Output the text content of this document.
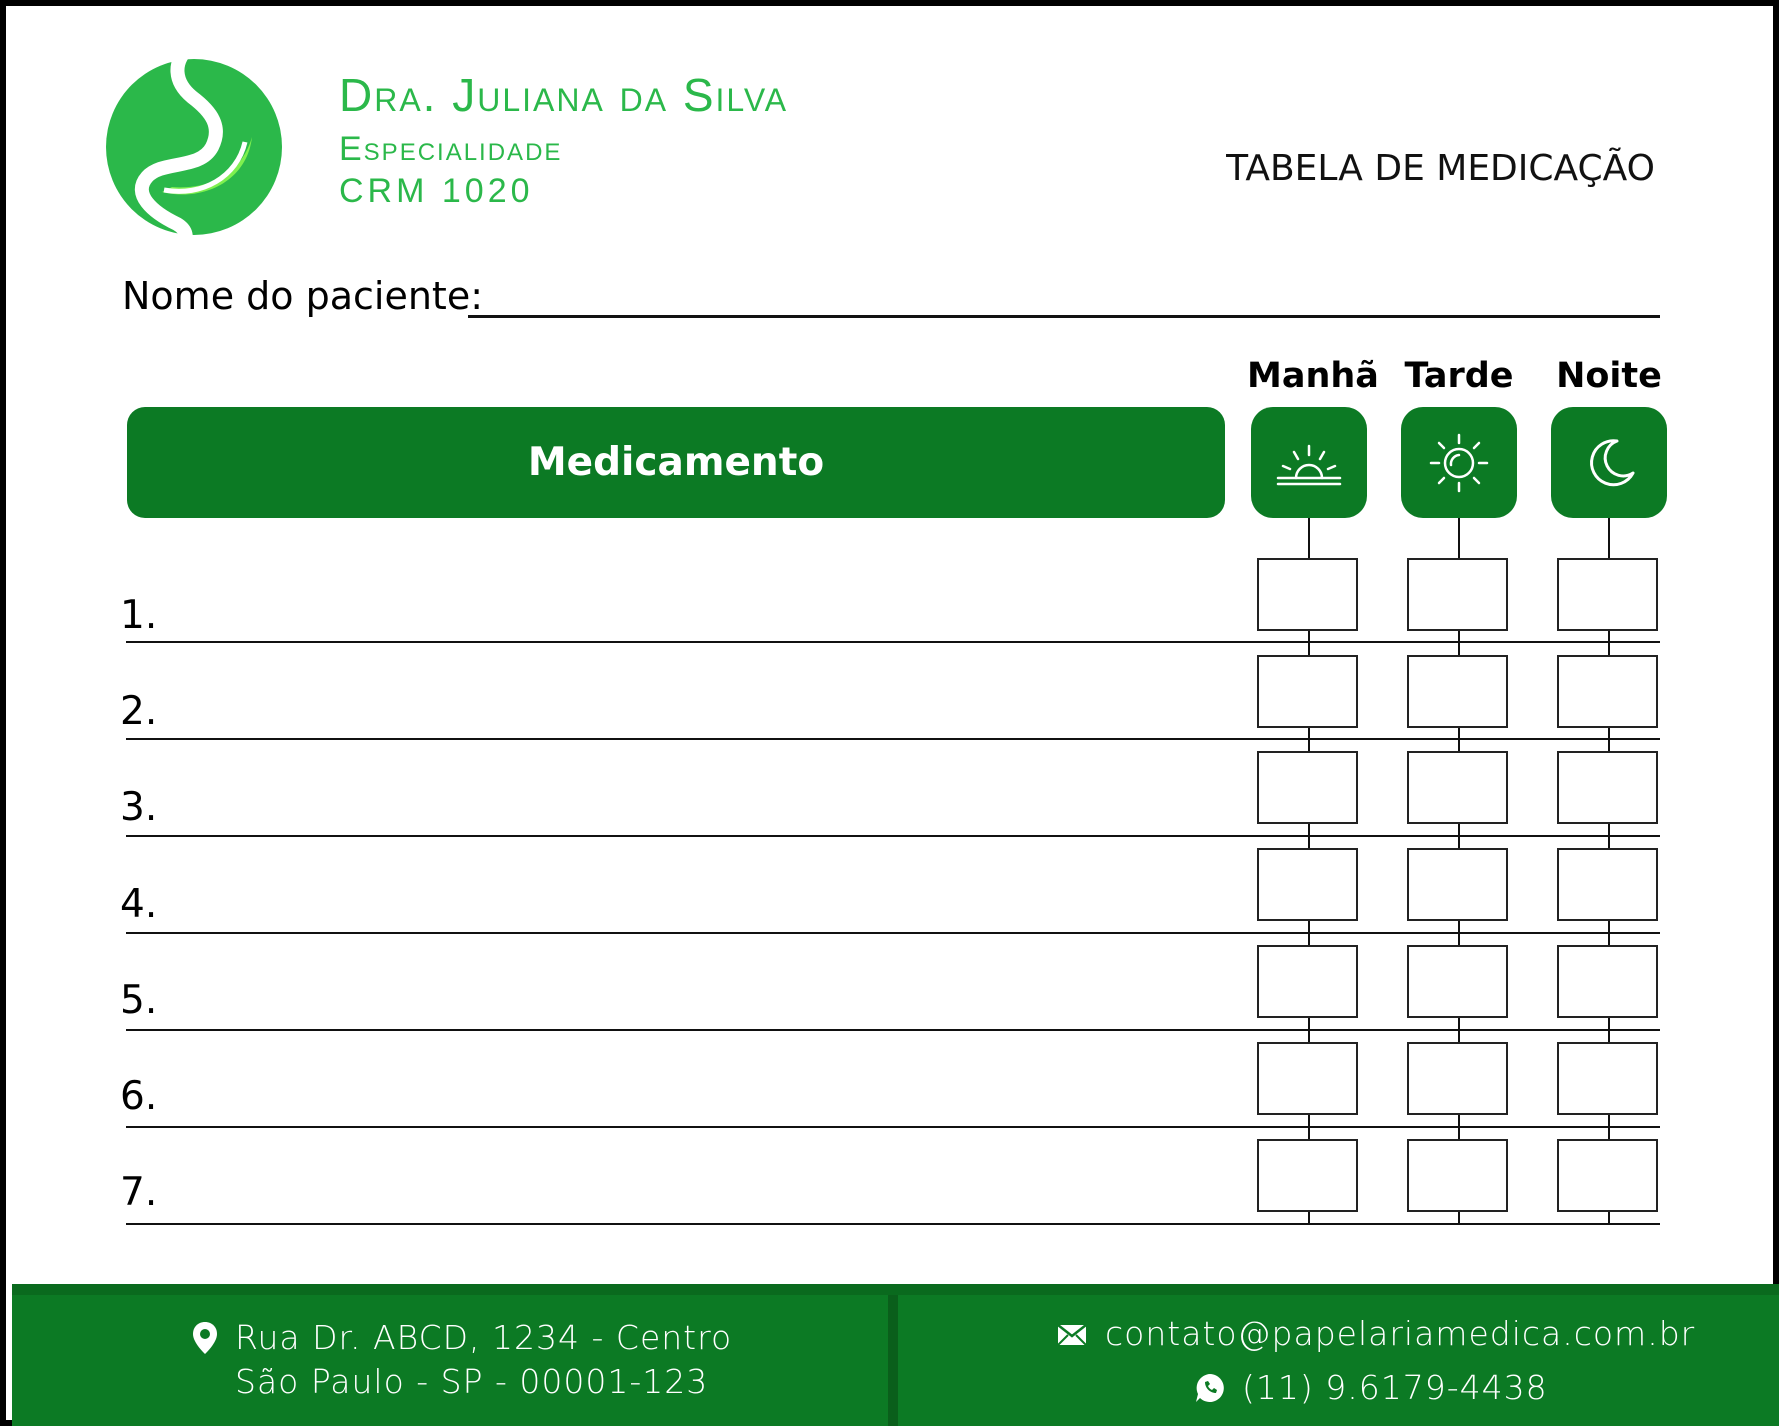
Dra. Juliana da Silva
Especialidade
CRM 1020
TABELA DE MEDICAÇÃO
Nome do paciente:
Manhã Tarde Noite
Medicamento
1.
2.
3.
4.
5.
6.
7.
Rua Dr. ABCD, 1234 - Centro
São Paulo - SP - 00001-123
contato@papelariamedica.com.br
(11) 9.6179-4438
